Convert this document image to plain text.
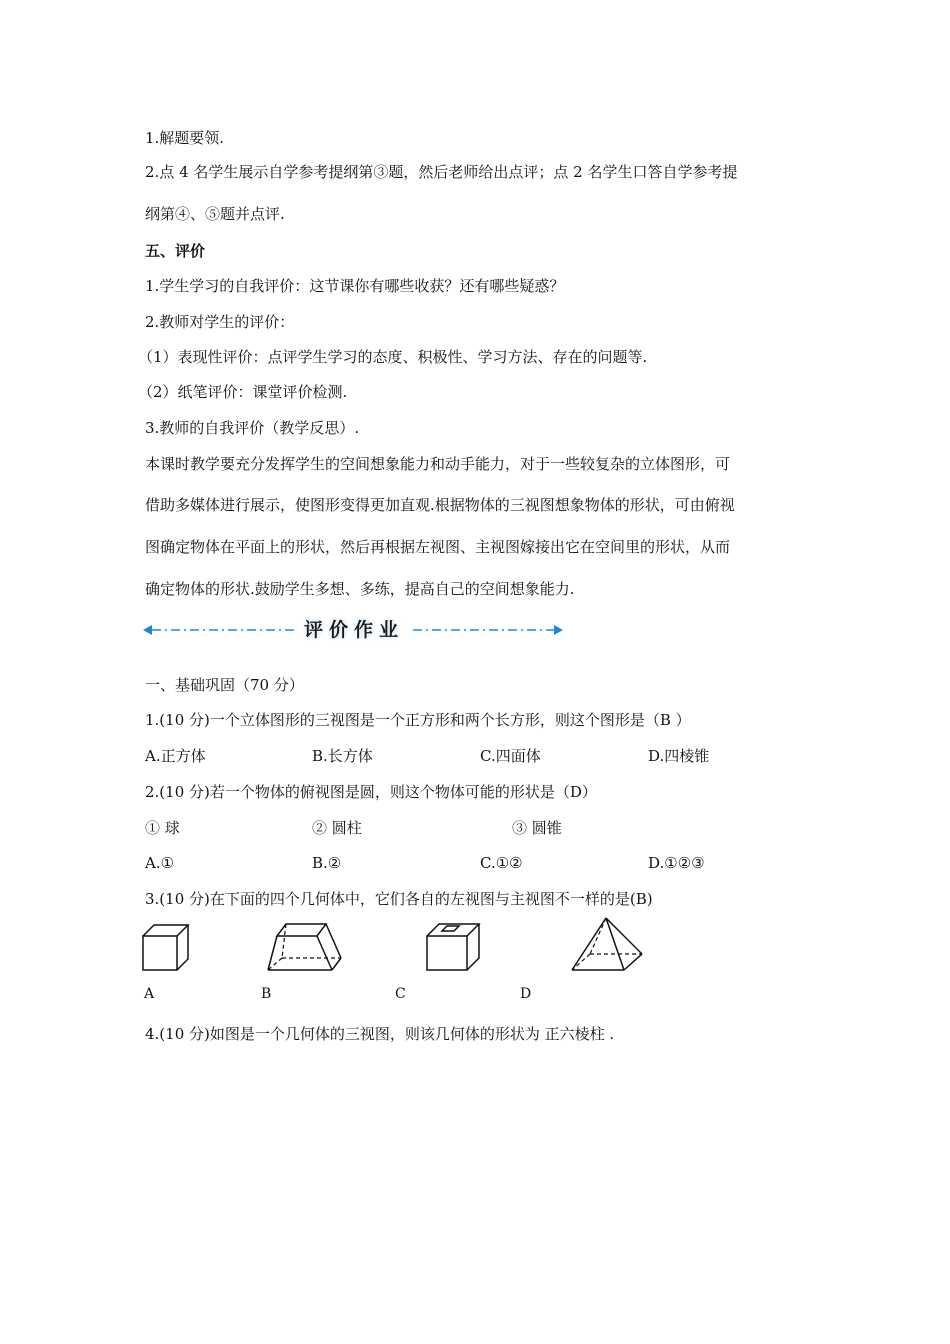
1.解题要领.
2.点 4 名学生展示自学参考提纲第③题，然后老师给出点评；点 2 名学生口答自学参考提
纲第④、⑤题并点评.
五、评价
1.学生学习的自我评价：这节课你有哪些收获？还有哪些疑惑？
2.教师对学生的评价：
（1）表现性评价：点评学生学习的态度、积极性、学习方法、存在的问题等.
（2）纸笔评价：课堂评价检测.
3.教师的自我评价（教学反思）.
本课时教学要充分发挥学生的空间想象能力和动手能力，对于一些较复杂的立体图形，可
借助多媒体进行展示，使图形变得更加直观.根据物体的三视图想象物体的形状，可由俯视
图确定物体在平面上的形状，然后再根据左视图、主视图嫁接出它在空间里的形状，从而
确定物体的形状.鼓励学生多想、多练，提高自己的空间想象能力.
评价作业
一、基础巩固（70 分）
1.(10 分)一个立体图形的三视图是一个正方形和两个长方形，则这个图形是（B ）
A.正方体	B.长方体	C.四面体	D.四棱锥
2.(10 分)若一个物体的俯视图是圆，则这个物体可能的形状是（D）
① 球	② 圆柱	③ 圆锥
A.①	B.②	C.①②	D.①②③
3.(10 分)在下面的四个几何体中，它们各自的左视图与主视图不一样的是(B)
A	B	C	D
4.(10 分)如图是一个几何体的三视图，则该几何体的形状为 正六棱柱 .
